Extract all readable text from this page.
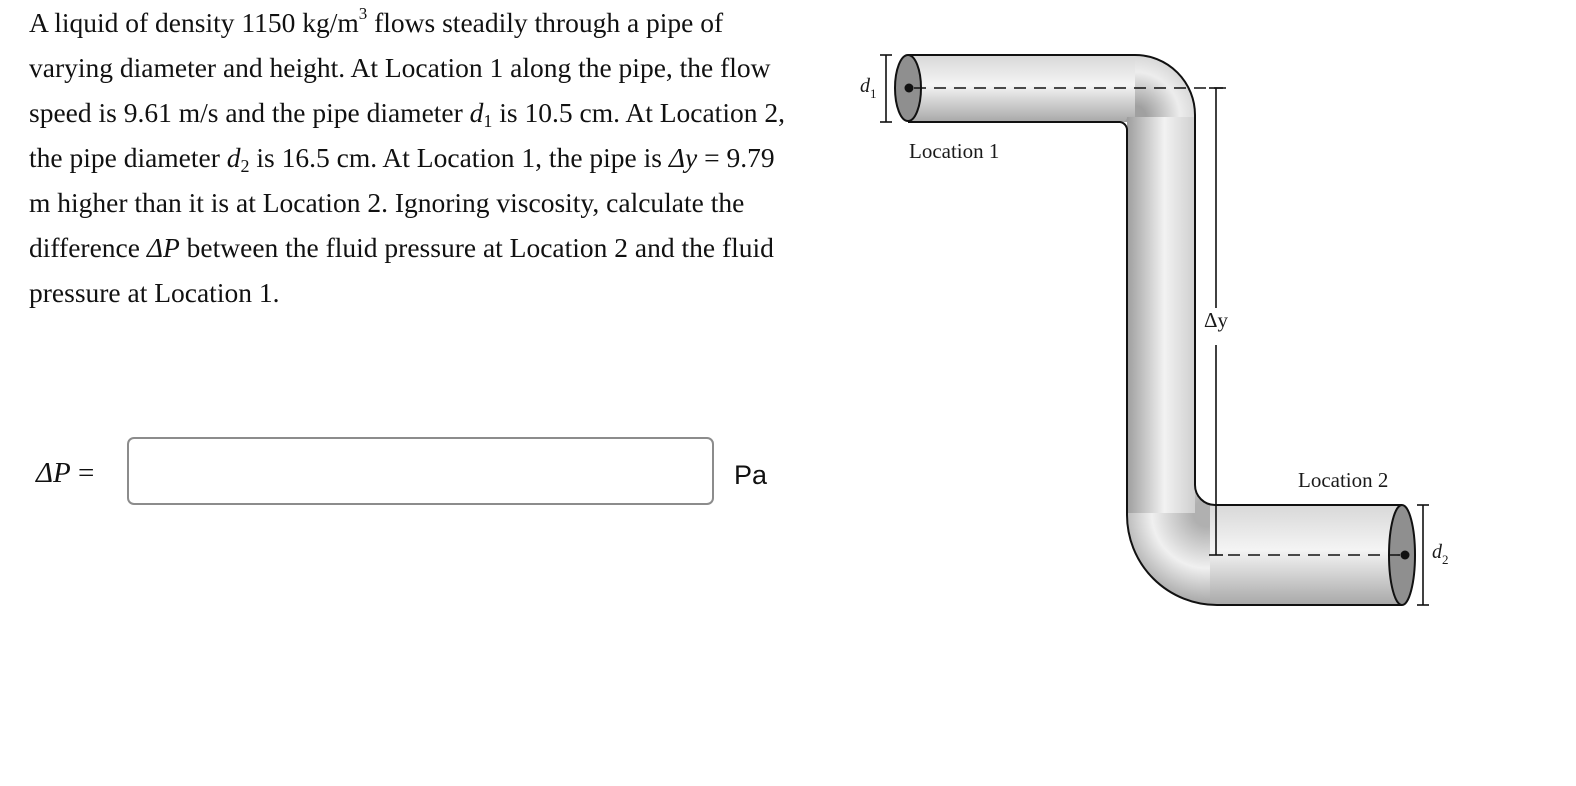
A liquid of density 1150 $kg/m^3$ flows steadily through a pipe of varying diameter and height. At Location 1 along the pipe, the flow speed is 9.61 m/s and the pipe diameter $d_1$ is 10.5 cm. At Location 2, the pipe diameter $d_2$ is 16.5 cm. At Location 1, the pipe is Δy = 9.79 m higher than it is at Location 2. Ignoring viscosity, calculate the difference ΔP between the fluid pressure at Location 2 and the fluid pressure at Location 1.

ΔP =	Pa
$d_1$
Location 1
Δy
Location 2
$d_2$
